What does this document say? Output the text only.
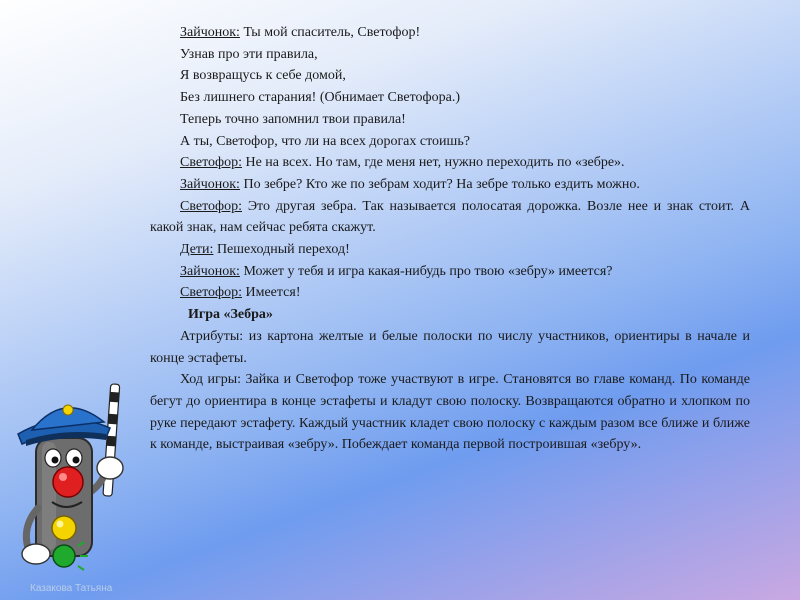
Зайчонок: Ты мой спаситель, Светофор!

Узнав про эти правила,

Я возвращусь к себе домой,

Без лишнего старания! (Обнимает Светофора.)

Теперь точно запомнил твои правила!

А ты, Светофор, что ли на всех дорогах стоишь?

Светофор: Не на всех. Но там, где меня нет, нужно переходить по «зебре».

Зайчонок: По зебре? Кто же по зебрам ходит? На зебре только ездить можно.

Светофор: Это другая зебра. Так называется полосатая дорожка. Возле нее и знак стоит. А какой знак, нам сейчас ребята скажут.

Дети: Пешеходный переход!

Зайчонок: Может у тебя и игра какая-нибудь про твою «зебру» имеется?

Светофор: Имеется!

Игра «Зебра»

Атрибуты: из картона желтые и белые полоски по числу участников, ориентиры в начале и конце эстафеты.

Ход игры: Зайка и Светофор тоже участвуют в игре. Становятся во главе команд. По команде бегут до ориентира в конце эстафеты и кладут свою полоску. Возвращаются обратно и хлопком по руке передают эстафету. Каждый участник кладет свою полоску с каждым разом все ближе и ближе к команде, выстраивая «зебру». Побеждает команда первой построившая «зебру».

Казакова Татьяна
